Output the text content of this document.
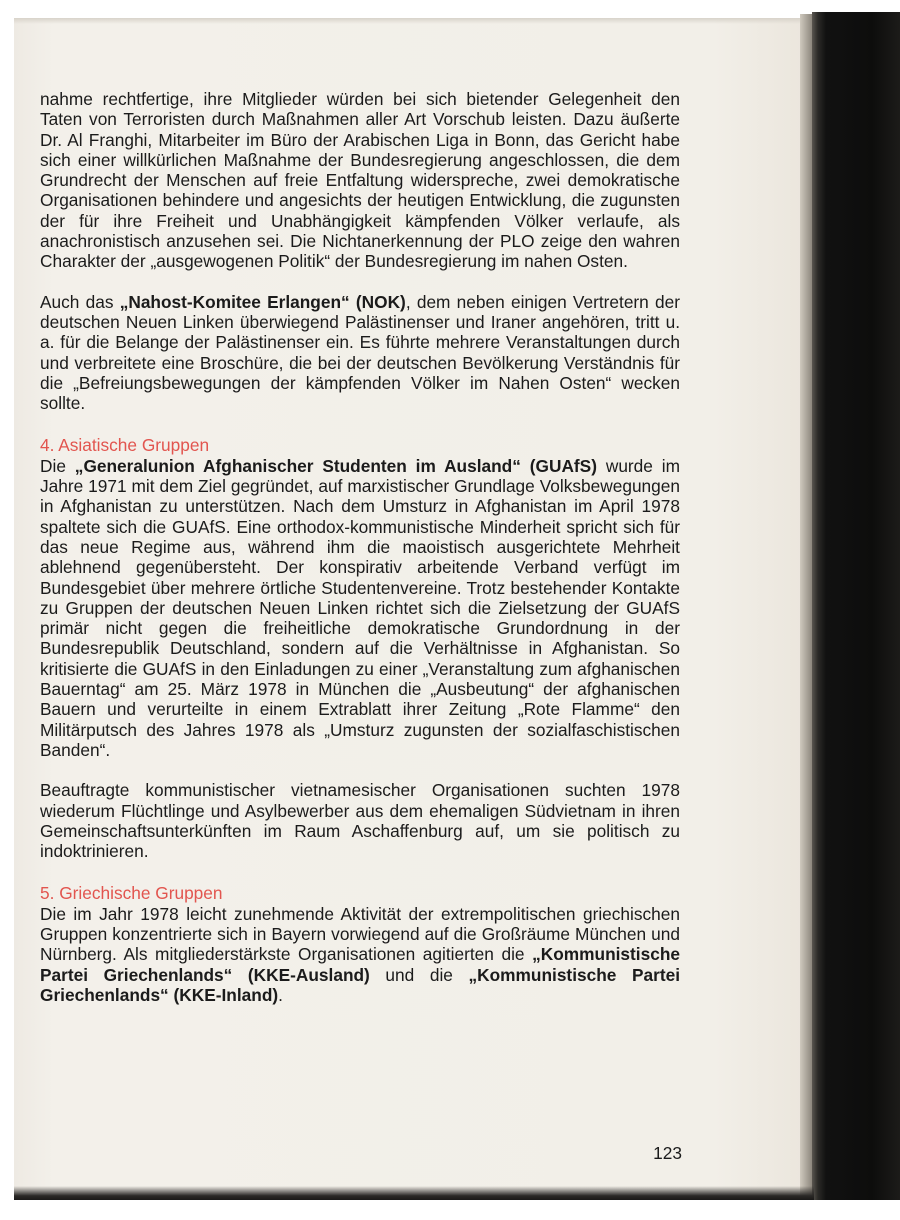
nahme rechtfertige, ihre Mitglieder würden bei sich bietender Gelegenheit den Taten von Terroristen durch Maßnahmen aller Art Vorschub leisten. Dazu äußerte Dr. Al Franghi, Mitarbeiter im Büro der Arabischen Liga in Bonn, das Gericht habe sich einer willkürlichen Maßnahme der Bundesregierung angeschlossen, die dem Grundrecht der Menschen auf freie Entfaltung widerspreche, zwei demokratische Organisationen behindere und angesichts der heutigen Entwicklung, die zugunsten der für ihre Freiheit und Unabhängigkeit kämpfenden Völker verlaufe, als anachronistisch anzusehen sei. Die Nichtanerkennung der PLO zeige den wahren Charakter der „ausgewogenen Politik“ der Bundesregierung im nahen Osten.

Auch das „Nahost-Komitee Erlangen“ (NOK), dem neben einigen Vertretern der deutschen Neuen Linken überwiegend Palästinenser und Iraner angehören, tritt u. a. für die Belange der Palästinenser ein. Es führte mehrere Veranstaltungen durch und verbreitete eine Broschüre, die bei der deutschen Bevölkerung Verständnis für die „Befreiungsbewegungen der kämpfenden Völker im Nahen Osten“ wecken sollte.

4. Asiatische Gruppen

Die „Generalunion Afghanischer Studenten im Ausland“ (GUAfS) wurde im Jahre 1971 mit dem Ziel gegründet, auf marxistischer Grundlage Volksbewegungen in Afghanistan zu unterstützen. Nach dem Umsturz in Afghanistan im April 1978 spaltete sich die GUAfS. Eine orthodox-kommunistische Minderheit spricht sich für das neue Regime aus, während ihm die maoistisch ausgerichtete Mehrheit ablehnend gegenübersteht. Der konspirativ arbeitende Verband verfügt im Bundesgebiet über mehrere örtliche Studentenvereine. Trotz bestehender Kontakte zu Gruppen der deutschen Neuen Linken richtet sich die Zielsetzung der GUAfS primär nicht gegen die freiheitliche demokratische Grundordnung in der Bundesrepublik Deutschland, sondern auf die Verhältnisse in Afghanistan. So kritisierte die GUAfS in den Einladungen zu einer „Veranstaltung zum afghanischen Bauerntag“ am 25. März 1978 in München die „Ausbeutung“ der afghanischen Bauern und verurteilte in einem Extrablatt ihrer Zeitung „Rote Flamme“ den Militärputsch des Jahres 1978 als „Umsturz zugunsten der sozialfaschistischen Banden“.

Beauftragte kommunistischer vietnamesischer Organisationen suchten 1978 wiederum Flüchtlinge und Asylbewerber aus dem ehemaligen Südvietnam in ihren Gemeinschaftsunterkünften im Raum Aschaffenburg auf, um sie politisch zu indoktrinieren.

5. Griechische Gruppen

Die im Jahr 1978 leicht zunehmende Aktivität der extrempolitischen griechischen Gruppen konzentrierte sich in Bayern vorwiegend auf die Großräume München und Nürnberg. Als mitgliederstärkste Organisationen agitierten die „Kommunistische Partei Griechenlands“ (KKE-Ausland) und die „Kommunistische Partei Griechenlands“ (KKE-Inland).

123
